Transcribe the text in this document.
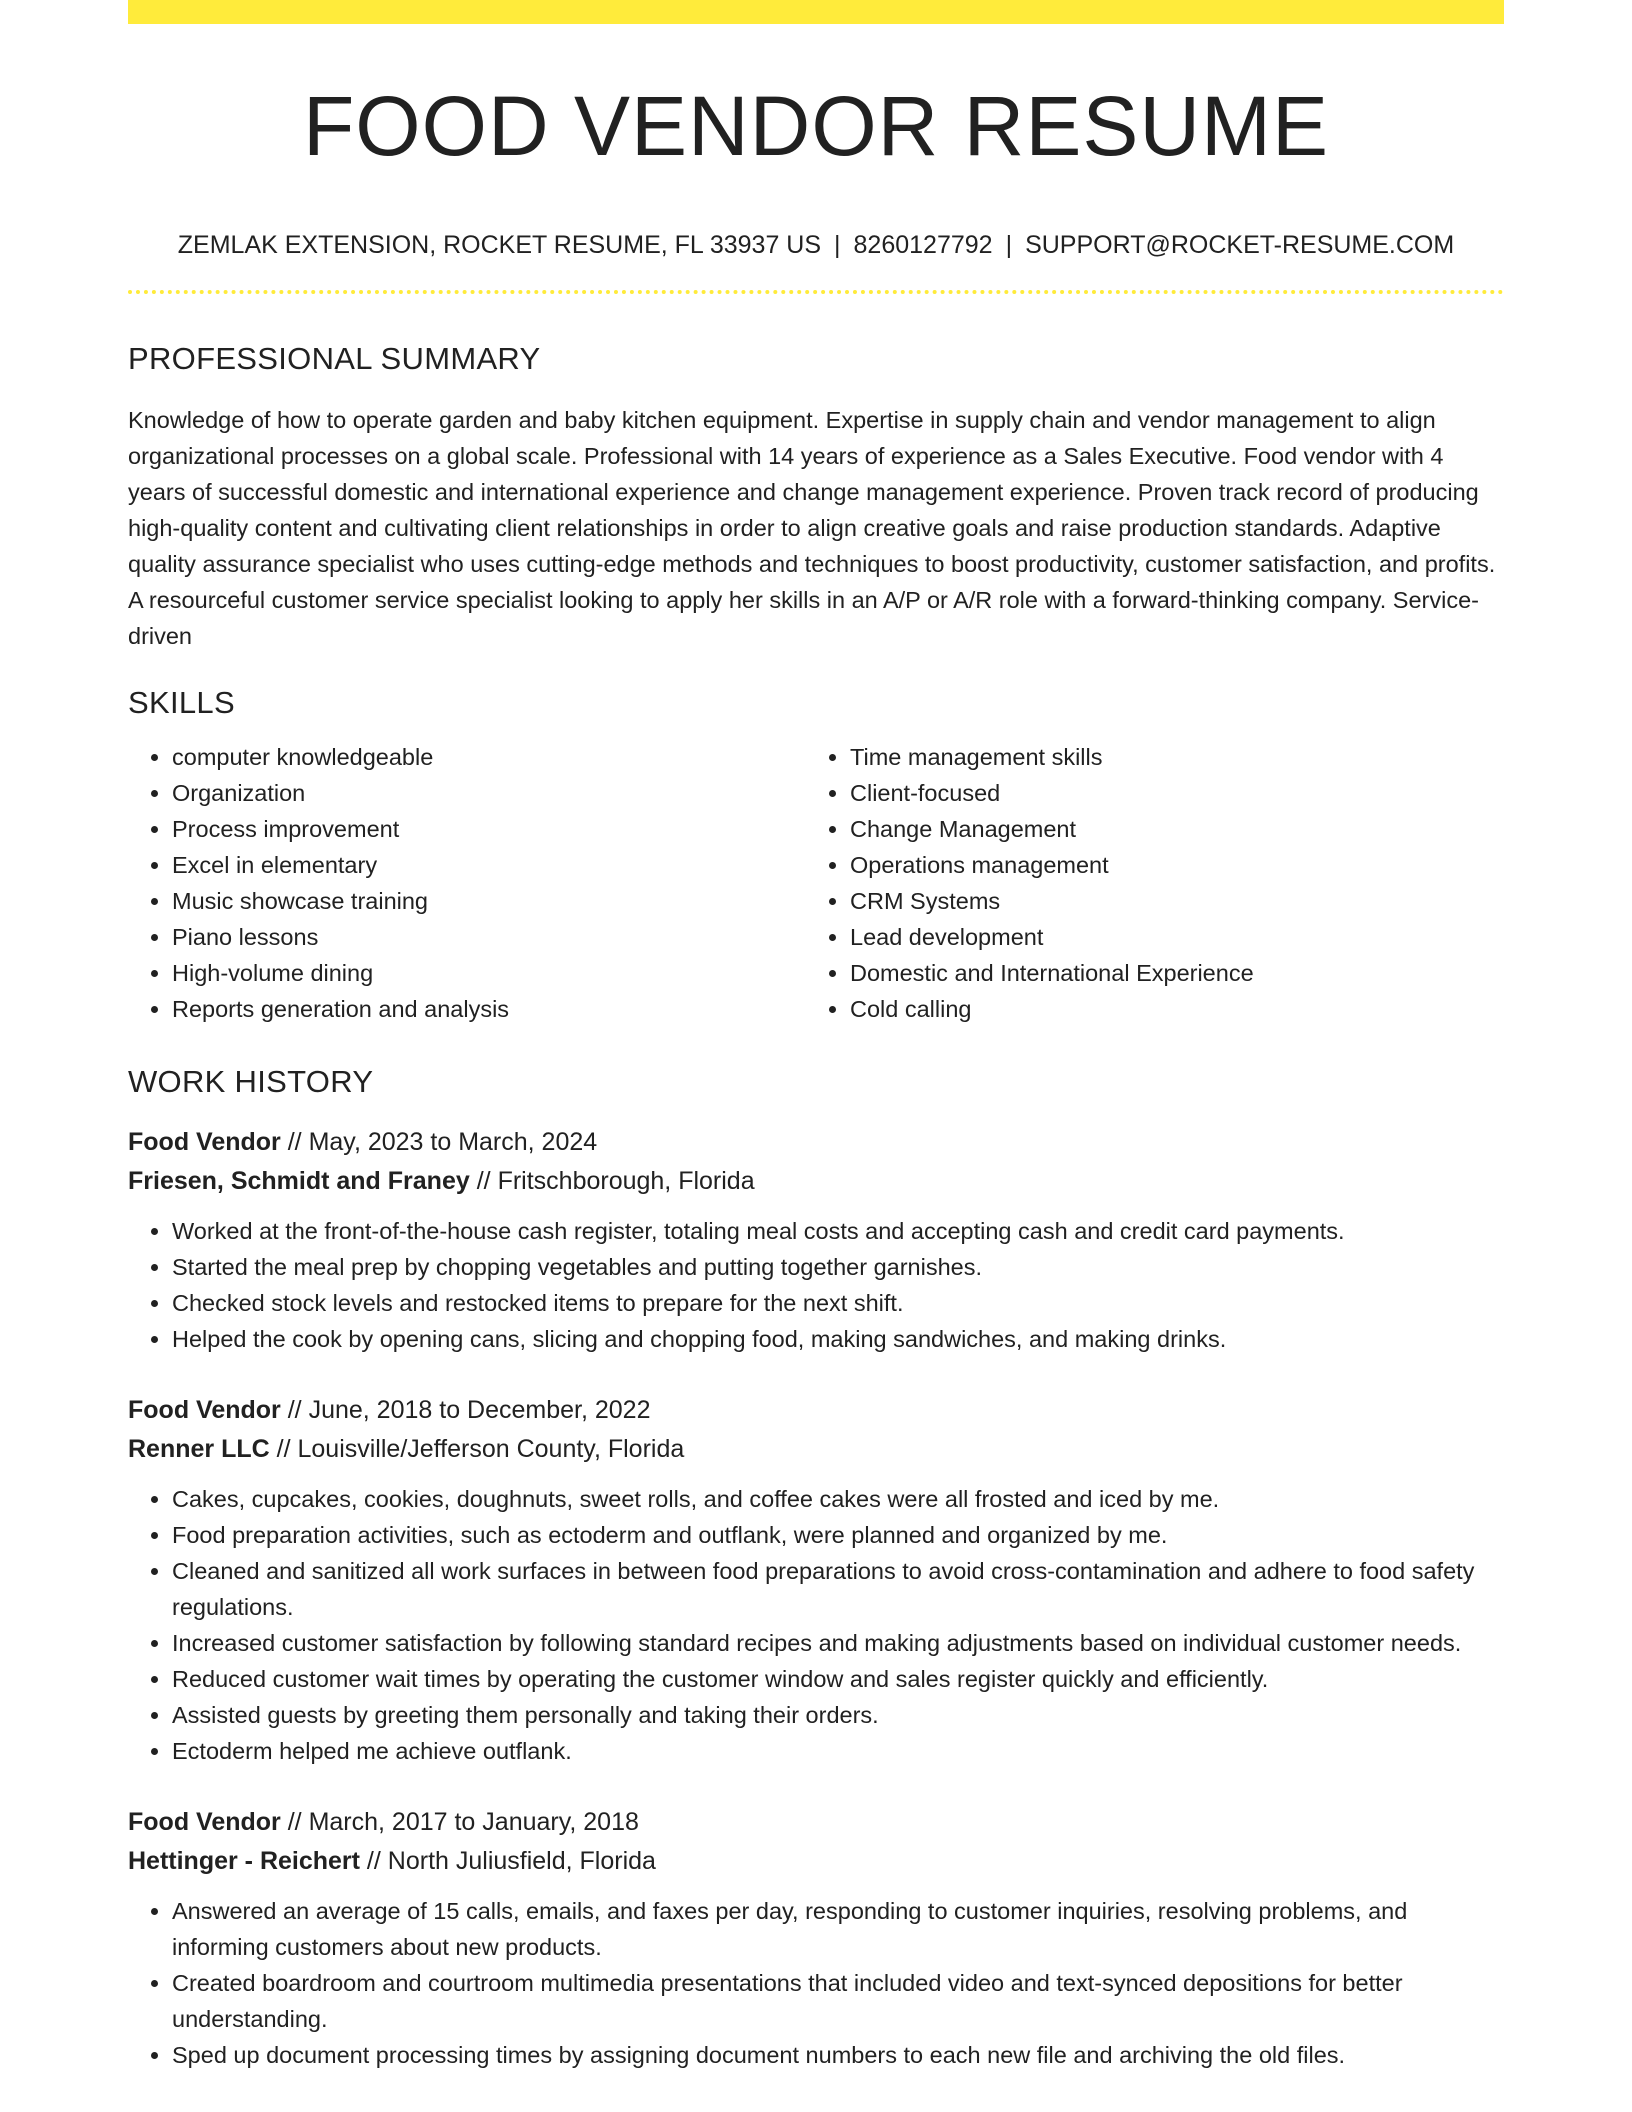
FOOD VENDOR RESUME
ZEMLAK EXTENSION, ROCKET RESUME, FL 33937 US | 8260127792 | SUPPORT@ROCKET-RESUME.COM
PROFESSIONAL SUMMARY
Knowledge of how to operate garden and baby kitchen equipment. Expertise in supply chain and vendor management to align organizational processes on a global scale. Professional with 14 years of experience as a Sales Executive. Food vendor with 4 years of successful domestic and international experience and change management experience. Proven track record of producing high-quality content and cultivating client relationships in order to align creative goals and raise production standards. Adaptive quality assurance specialist who uses cutting-edge methods and techniques to boost productivity, customer satisfaction, and profits. A resourceful customer service specialist looking to apply her skills in an A/P or A/R role with a forward-thinking company. Service-driven
SKILLS
• computer knowledgeable
• Organization
• Process improvement
• Excel in elementary
• Music showcase training
• Piano lessons
• High-volume dining
• Reports generation and analysis
• Time management skills
• Client-focused
• Change Management
• Operations management
• CRM Systems
• Lead development
• Domestic and International Experience
• Cold calling
WORK HISTORY
Food Vendor // May, 2023 to March, 2024
Friesen, Schmidt and Franey // Fritschborough, Florida
• Worked at the front-of-the-house cash register, totaling meal costs and accepting cash and credit card payments.
• Started the meal prep by chopping vegetables and putting together garnishes.
• Checked stock levels and restocked items to prepare for the next shift.
• Helped the cook by opening cans, slicing and chopping food, making sandwiches, and making drinks.
Food Vendor // June, 2018 to December, 2022
Renner LLC // Louisville/Jefferson County, Florida
• Cakes, cupcakes, cookies, doughnuts, sweet rolls, and coffee cakes were all frosted and iced by me.
• Food preparation activities, such as ectoderm and outflank, were planned and organized by me.
• Cleaned and sanitized all work surfaces in between food preparations to avoid cross-contamination and adhere to food safety regulations.
• Increased customer satisfaction by following standard recipes and making adjustments based on individual customer needs.
• Reduced customer wait times by operating the customer window and sales register quickly and efficiently.
• Assisted guests by greeting them personally and taking their orders.
• Ectoderm helped me achieve outflank.
Food Vendor // March, 2017 to January, 2018
Hettinger - Reichert // North Juliusfield, Florida
• Answered an average of 15 calls, emails, and faxes per day, responding to customer inquiries, resolving problems, and informing customers about new products.
• Created boardroom and courtroom multimedia presentations that included video and text-synced depositions for better understanding.
• Sped up document processing times by assigning document numbers to each new file and archiving the old files.
